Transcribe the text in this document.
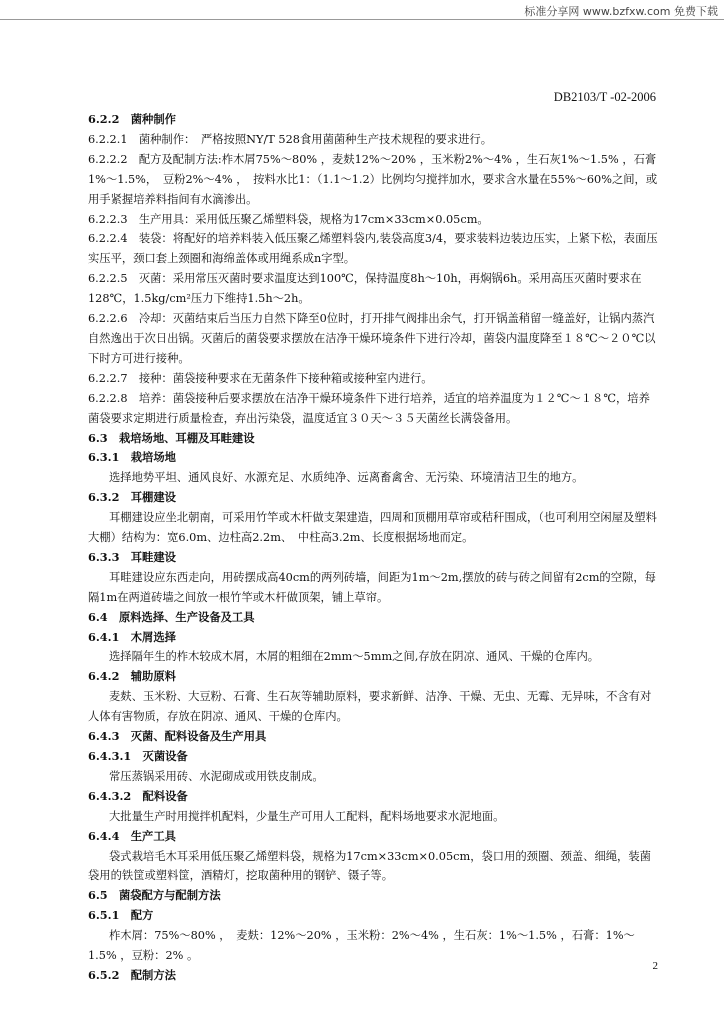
标准分享网 www.bzfxw.com 免费下载
DB2103/T -02-2006

6.2.2　菌种制作

6.2.2.1　菌种制作：　严格按照NY/T 528食用菌菌种生产技术规程的要求进行。

6.2.2.2　配方及配制方法:柞木屑75%～80% ，麦麸12%～20% ，玉米粉2%～4% ，生石灰1%～1.5% ，石膏1%～1.5%，　豆粉2%～4% ，　按料水比1：（1.1～1.2）比例均匀搅拌加水，要求含水量在55%～60%之间，或用手紧握培养料指间有水滴渗出。

6.2.2.3　生产用具：采用低压聚乙烯塑料袋，规格为17cm×33cm×0.05cm。

6.2.2.4　装袋：将配好的培养料装入低压聚乙烯塑料袋内,装袋高度3/4，要求装料边装边压实，上紧下松，表面压实压平，颈口套上颈圈和海绵盖体或用绳系成n字型。

6.2.2.5　灭菌：采用常压灭菌时要求温度达到100℃，保持温度8h～10h，再焖锅6h。采用高压灭菌时要求在128℃，1.5kg/cm²压力下维持1.5h～2h。

6.2.2.6　冷却：灭菌结束后当压力自然下降至0位时，打开排气阀排出余气，打开锅盖稍留一缝盖好，让锅内蒸汽自然逸出于次日出锅。灭菌后的菌袋要求摆放在洁净干燥环境条件下进行冷却，菌袋内温度降至１８℃～２０℃以下时方可进行接种。

6.2.2.7　接种：菌袋接种要求在无菌条件下接种箱或接种室内进行。

6.2.2.8　培养：菌袋接种后要求摆放在洁净干燥环境条件下进行培养，适宜的培养温度为１２℃～１８℃，培养菌袋要求定期进行质量检查，弃出污染袋，温度适宜３０天～３５天菌丝长满袋备用。

6.3　栽培场地、耳棚及耳畦建设

6.3.1　栽培场地

选择地势平坦、通风良好、水源充足、水质纯净、远离畜禽舍、无污染、环境清洁卫生的地方。

6.3.2　耳棚建设

耳棚建设应坐北朝南，可采用竹竿或木杆做支架建造，四周和顶棚用草帘或秸秆围成，（也可利用空闲屋及塑料大棚）结构为：宽6.0m、边柱高2.2m、　中柱高3.2m、长度根据场地而定。

6.3.3　耳畦建设

耳畦建设应东西走向，用砖摆成高40cm的两列砖墙，间距为1m～2m,摆放的砖与砖之间留有2cm的空隙，每隔1m在两道砖墙之间放一根竹竿或木杆做顶架，铺上草帘。

6.4　原料选择、生产设备及工具

6.4.1　木屑选择

选择隔年生的柞木较成木屑，木屑的粗细在2mm～5mm之间,存放在阴凉、通风、干燥的仓库内。

6.4.2　辅助原料

麦麸、玉米粉、大豆粉、石膏、生石灰等辅助原料，要求新鲜、洁净、干燥、无虫、无霉、无异味，不含有对人体有害物质，存放在阴凉、通风、干燥的仓库内。

6.4.3　灭菌、配料设备及生产用具

6.4.3.1　灭菌设备

常压蒸锅采用砖、水泥砌成或用铁皮制成。

6.4.3.2　配料设备

大批量生产时用搅拌机配料，少量生产可用人工配料，配料场地要求水泥地面。

6.4.4　生产工具

袋式栽培毛木耳采用低压聚乙烯塑料袋，规格为17cm×33cm×0.05cm，袋口用的颈圈、颈盖、细绳，装菌袋用的铁筐或塑料筐，酒精灯，挖取菌种用的钢铲、镊子等。

6.5　菌袋配方与配制方法

6.5.1　配方

柞木屑：75%～80% ，　麦麸：12%～20% ，玉米粉：2%～4% ，生石灰：1%～1.5% ，石膏：1%～1.5% ，豆粉：2% 。

6.5.2　配制方法

2
